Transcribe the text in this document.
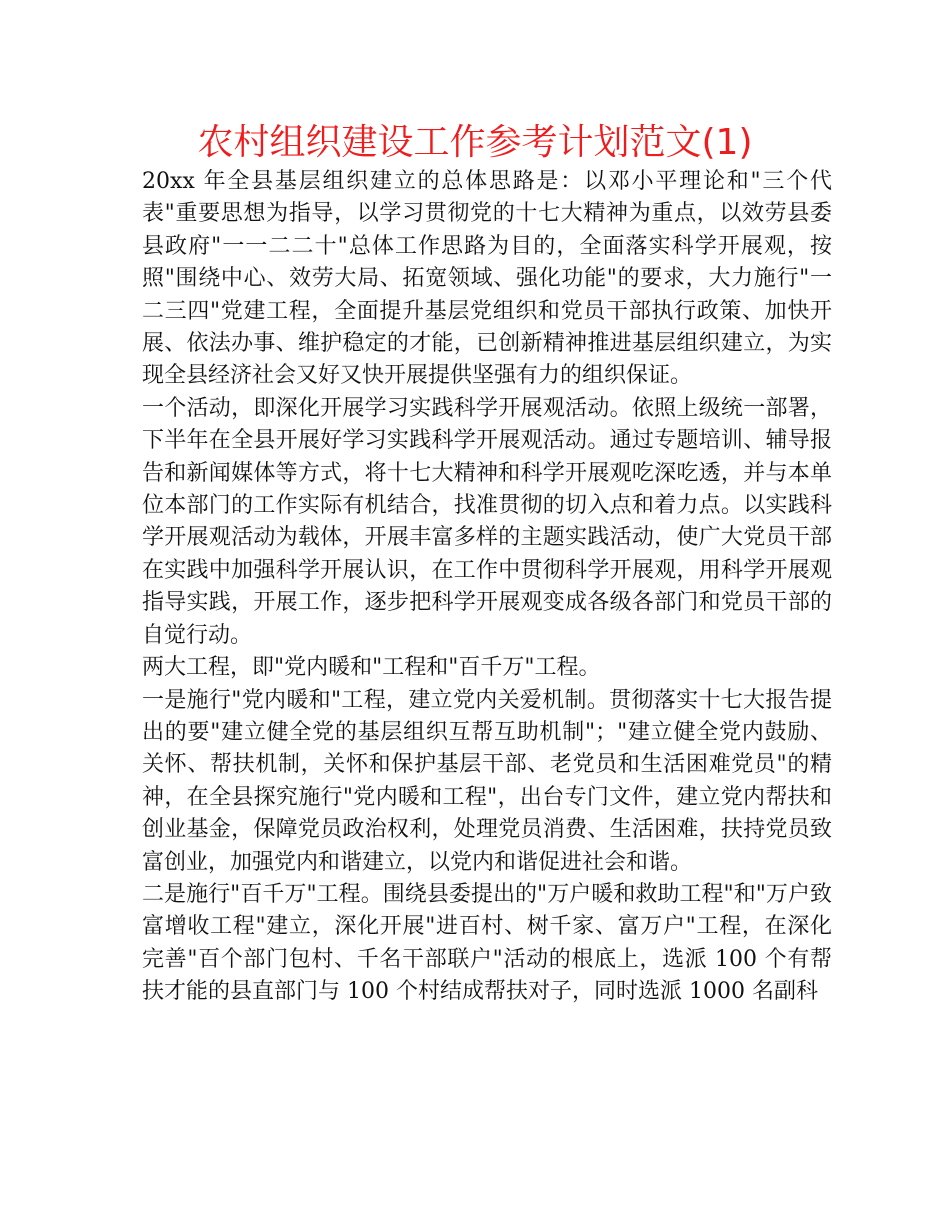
农村组织建设工作参考计划范文(1)

20xx 年全县基层组织建立的总体思路是：以邓小平理论和"三个代表"重要思想为指导，以学习贯彻党的十七大精神为重点，以效劳县委县政府"一一二二十"总体工作思路为目的，全面落实科学开展观，按照"围绕中心、效劳大局、拓宽领域、强化功能"的要求，大力施行"一二三四"党建工程，全面提升基层党组织和党员干部执行政策、加快开展、依法办事、维护稳定的才能，已创新精神推进基层组织建立，为实现全县经济社会又好又快开展提供坚强有力的组织保证。

一个活动，即深化开展学习实践科学开展观活动。依照上级统一部署，下半年在全县开展好学习实践科学开展观活动。通过专题培训、辅导报告和新闻媒体等方式，将十七大精神和科学开展观吃深吃透，并与本单位本部门的工作实际有机结合，找准贯彻的切入点和着力点。以实践科学开展观活动为载体，开展丰富多样的主题实践活动，使广大党员干部在实践中加强科学开展认识，在工作中贯彻科学开展观，用科学开展观指导实践，开展工作，逐步把科学开展观变成各级各部门和党员干部的自觉行动。

两大工程，即"党内暖和"工程和"百千万"工程。

一是施行"党内暖和"工程，建立党内关爱机制。贯彻落实十七大报告提出的要"建立健全党的基层组织互帮互助机制"；"建立健全党内鼓励、关怀、帮扶机制，关怀和保护基层干部、老党员和生活困难党员"的精神，在全县探究施行"党内暖和工程"，出台专门文件，建立党内帮扶和创业基金，保障党员政治权利，处理党员消费、生活困难，扶持党员致富创业，加强党内和谐建立，以党内和谐促进社会和谐。

二是施行"百千万"工程。围绕县委提出的"万户暖和救助工程"和"万户致富增收工程"建立，深化开展"进百村、树千家、富万户"工程，在深化完善"百个部门包村、千名干部联户"活动的根底上，选派 100 个有帮扶才能的县直部门与 100 个村结成帮扶对子，同时选派 1000 名副科
